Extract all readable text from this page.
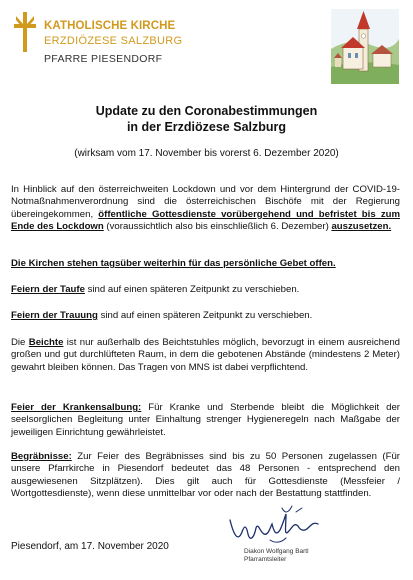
KATHOLISCHE KIRCHE
ERZDIÖZESE SALZBURG
PFARRE PIESENDORF
Update zu den Coronabestimmungen
in der Erzdiözese Salzburg
(wirksam vom 17. November bis vorerst 6. Dezember 2020)
In Hinblick auf den österreichweiten Lockdown und vor dem Hintergrund der COVID-19-Notmaßnahmenverordnung sind die österreichischen Bischöfe mit der Regierung übereingekommen, öffentliche Gottesdienste vorübergehend und befristet bis zum Ende des Lockdown (voraussichtlich also bis einschließlich 6. Dezember) auszusetzen.
Die Kirchen stehen tagsüber weiterhin für das persönliche Gebet offen.
Feiern der Taufe sind auf einen späteren Zeitpunkt zu verschieben.
Feiern der Trauung sind auf einen späteren Zeitpunkt zu verschieben.
Die Beichte ist nur außerhalb des Beichtstuhles möglich, bevorzugt in einem ausreichend großen und gut durchlüfteten Raum, in dem die gebotenen Abstände (mindestens 2 Meter) gewahrt bleiben können. Das Tragen von MNS ist dabei verpflichtend.
Feier der Krankensalbung: Für Kranke und Sterbende bleibt die Möglichkeit der seelsorglichen Begleitung unter Einhaltung strenger Hygieneregeln nach Maßgabe der jeweiligen Einrichtung gewährleistet.
Begräbnisse: Zur Feier des Begräbnisses sind bis zu 50 Personen zugelassen (Für unsere Pfarrkirche in Piesendorf bedeutet das 48 Personen - entsprechend den ausgewiesenen Sitzplätzen). Dies gilt auch für Gottesdienste (Messfeier / Wortgottesdienste), wenn diese unmittelbar vor oder nach der Bestattung stattfinden.
Piesendorf, am 17. November 2020	Diakon Wolfgang Bartl
Pfarramtsleiter
